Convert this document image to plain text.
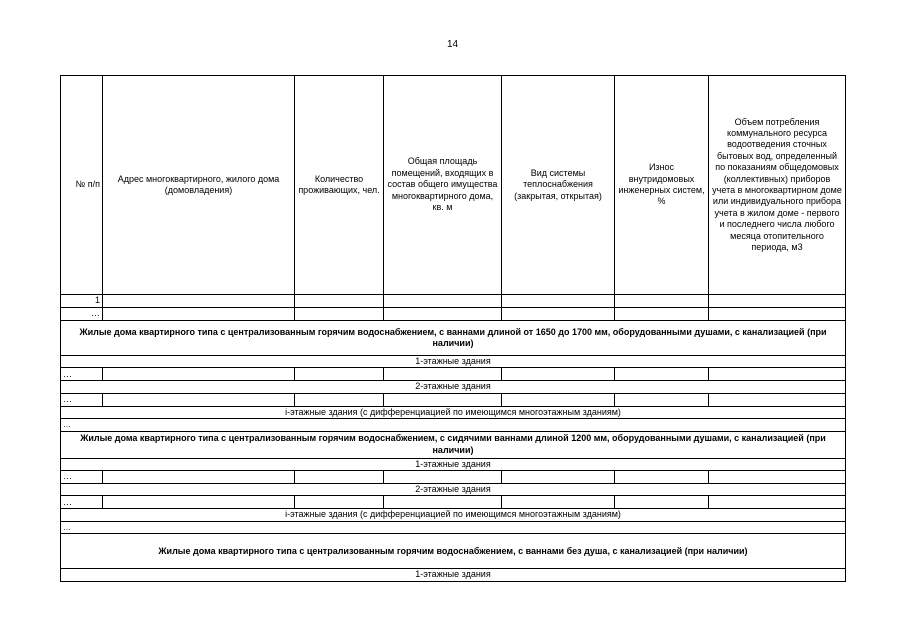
14
№ п/п	Адрес многоквартирного, жилого дома (домовладения)	Количество проживающих, чел.	Общая площадь помещений, входящих в состав общего имущества многоквартирного дома, кв. м	Вид системы теплоснабжения (закрытая, открытая)	Износ внутридомовых инженерных систем, %	Объем потребления коммунального ресурса водоотведения сточных бытовых вод, определенный по показаниям общедомовых (коллективных) приборов учета в многоквартирном доме или индивидуального прибора учета в жилом доме - первого и последнего числа любого месяца отопительного периода, м3
1						
…						
Жилые дома квартирного типа с централизованным горячим водоснабжением, с ваннами длиной от 1650 до 1700 мм, оборудованными душами, с канализацией (при наличии)						
1-этажные здания						
…						
2-этажные здания						
…						
i-этажные здания (с дифференциацией по имеющимся многоэтажным зданиям)						
…						
Жилые дома квартирного типа с централизованным горячим водоснабжением, с сидячими ваннами длиной 1200 мм, оборудованными душами, с канализацией (при наличии)						
1-этажные здания						
…						
2-этажные здания						
…						
i-этажные здания (с дифференциацией по имеющимся многоэтажным зданиям)						
…						
Жилые дома квартирного типа с централизованным горячим водоснабжением, с ваннами без душа, с канализацией (при наличии)						
1-этажные здания						
